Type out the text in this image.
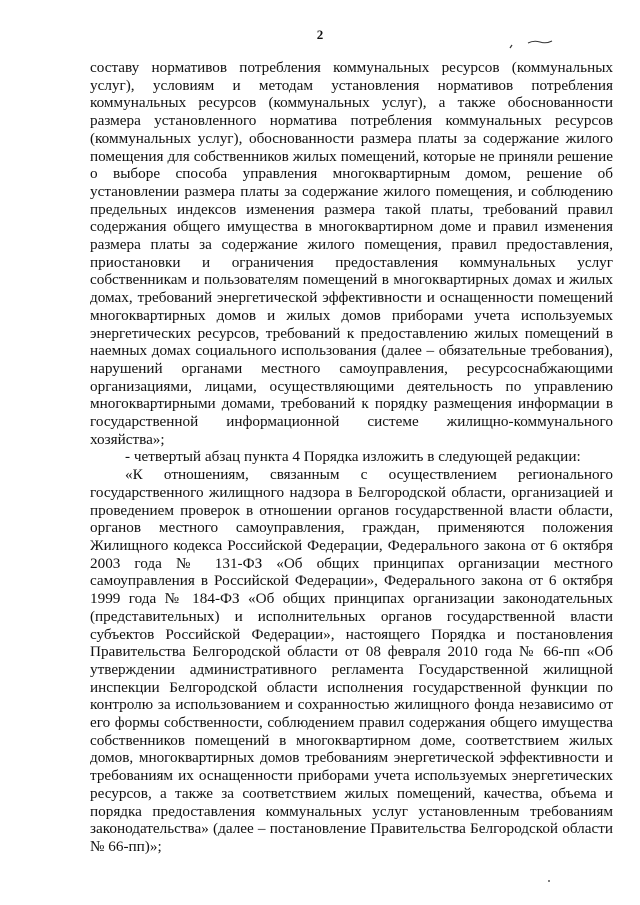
2

составу нормативов потребления коммунальных ресурсов (коммунальных услуг), условиям и методам установления нормативов потребления коммунальных ресурсов (коммунальных услуг), а также обоснованности размера установленного норматива потребления коммунальных ресурсов (коммунальных услуг), обоснованности размера платы за содержание жилого помещения для собственников жилых помещений, которые не приняли решение о выборе способа управления многоквартирным домом, решение об установлении размера платы за содержание жилого помещения, и соблюдению предельных индексов изменения размера такой платы, требований правил содержания общего имущества в многоквартирном доме и правил изменения размера платы за содержание жилого помещения, правил предоставления, приостановки и ограничения предоставления коммунальных услуг собственникам и пользователям помещений в многоквартирных домах и жилых домах, требований энергетической эффективности и оснащенности помещений многоквартирных домов и жилых домов приборами учета используемых энергетических ресурсов, требований к предоставлению жилых помещений в наемных домах социального использования (далее – обязательные требования), нарушений органами местного самоуправления, ресурсоснабжающими организациями, лицами, осуществляющими деятельность по управлению многоквартирными домами, требований к порядку размещения информации в государственной информационной системе жилищно-коммунального хозяйства»;

- четвертый абзац пункта 4 Порядка изложить в следующей редакции:

«К отношениям, связанным с осуществлением регионального государственного жилищного надзора в Белгородской области, организацией и проведением проверок в отношении органов государственной власти области, органов местного самоуправления, граждан, применяются положения Жилищного кодекса Российской Федерации, Федерального закона от 6 октября 2003 года № 131-ФЗ «Об общих принципах организации местного самоуправления в Российской Федерации», Федерального закона от 6 октября 1999 года № 184-ФЗ «Об общих принципах организации законодательных (представительных) и исполнительных органов государственной власти субъектов Российской Федерации», настоящего Порядка и постановления Правительства Белгородской области от 08 февраля 2010 года № 66-пп «Об утверждении административного регламента Государственной жилищной инспекции Белгородской области исполнения государственной функции по контролю за использованием и сохранностью жилищного фонда независимо от его формы собственности, соблюдением правил содержания общего имущества собственников помещений в многоквартирном доме, соответствием жилых домов, многоквартирных домов требованиям энергетической эффективности и требованиям их оснащенности приборами учета используемых энергетических ресурсов, а также за соответствием жилых помещений, качества, объема и порядка предоставления коммунальных услуг установленным требованиям законодательства» (далее – постановление Правительства Белгородской области № 66-пп)»;
